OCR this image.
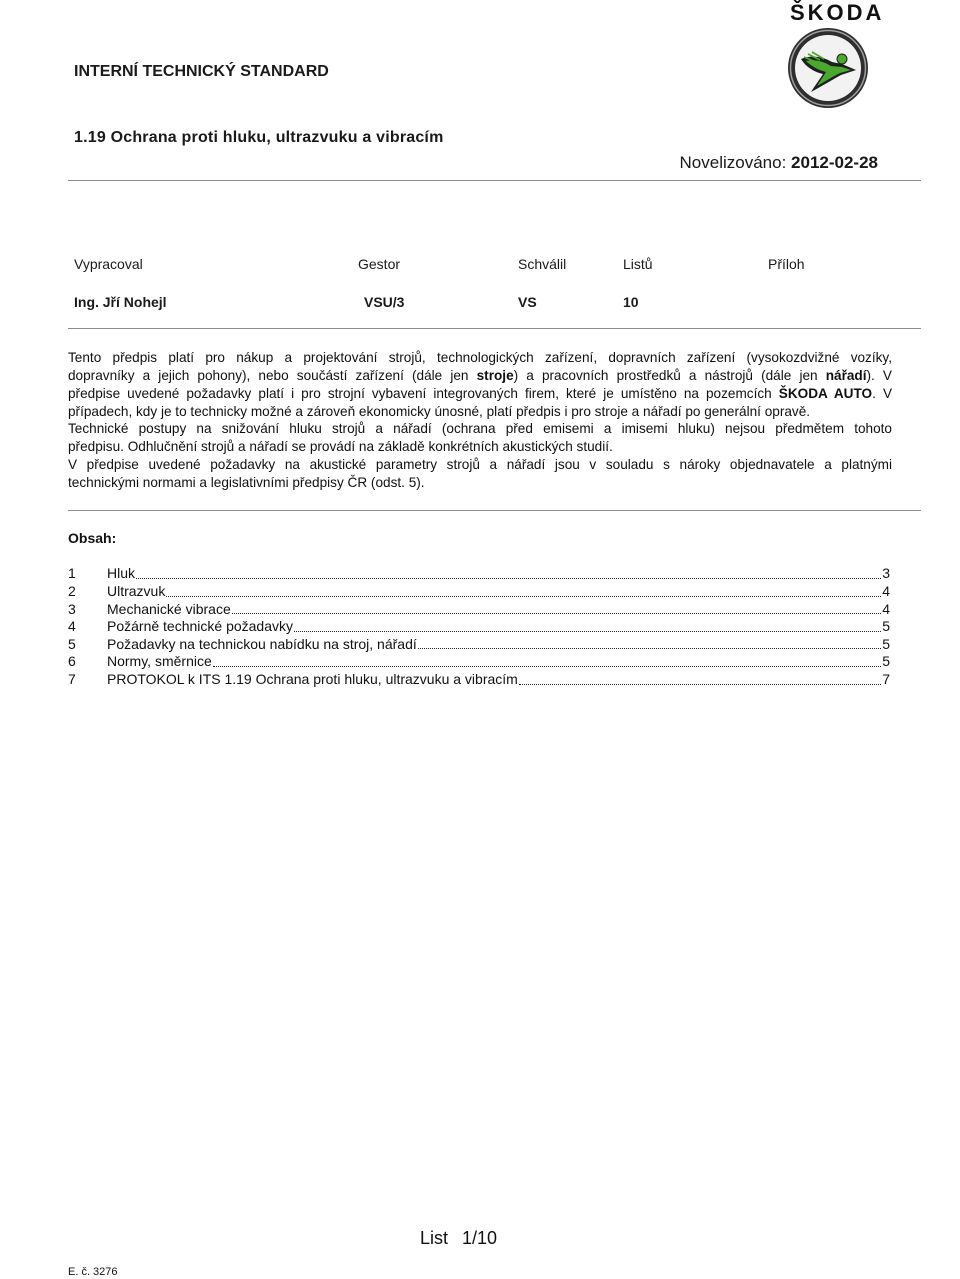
ŠKODA
INTERNÍ TECHNICKÝ STANDARD
1.19 Ochrana proti hluku, ultrazvuku a vibracím
Novelizováno: 2012-02-28
Vypracoval	Gestor	Schválil	Listů	Příloh
Ing. Jří Nohejl	VSU/3	VS	10
Tento předpis platí pro nákup a projektování strojů, technologických zařízení, dopravních zařízení (vysokozdvižné vozíky,
dopravníky a jejich pohony), nebo součástí zařízení (dále jen stroje) a pracovních prostředků a nástrojů (dále jen nářadí). V
předpise uvedené požadavky platí i pro strojní vybavení integrovaných firem, které je umístěno na pozemcích ŠKODA AUTO. V
případech, kdy je to technicky možné a zároveň ekonomicky únosné, platí předpis i pro stroje a nářadí po generální opravě.
Technické postupy na snižování hluku strojů a nářadí (ochrana před emisemi a imisemi hluku) nejsou předmětem tohoto
předpisu. Odhlučnění strojů a nářadí se provádí na základě konkrétních akustických studií.
V předpise uvedené požadavky na akustické parametry strojů a nářadí jsou v souladu s nároky objednavatele a platnými
technickými normami a legislativními předpisy ČR (odst. 5).
Obsah:
1	Hluk	3
2	Ultrazvuk	4
3	Mechanické vibrace	4
4	Požárně technické požadavky	5
5	Požadavky na technickou nabídku na stroj, nářadí	5
6	Normy, směrnice	5
7	PROTOKOL k ITS 1.19 Ochrana proti hluku, ultrazvuku a vibracím	7
List 1/10
E. č. 3276
